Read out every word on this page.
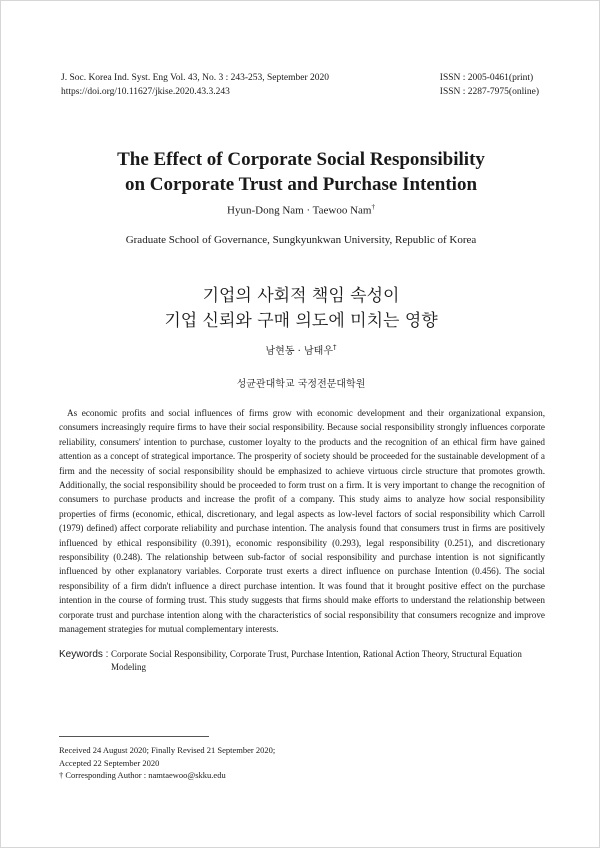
J. Soc. Korea Ind. Syst. Eng Vol. 43, No. 3 : 243-253, September 2020
https://doi.org/10.11627/jkise.2020.43.3.243
ISSN : 2005-0461(print)
ISSN : 2287-7975(online)
The Effect of Corporate Social Responsibility
on Corporate Trust and Purchase Intention
Hyun-Dong Nam · Taewoo Nam†
Graduate School of Governance, Sungkyunkwan University, Republic of Korea
기업의 사회적 책임 속성이
기업 신뢰와 구매 의도에 미치는 영향
남현동 · 남태우†
성균관대학교 국정전문대학원
As economic profits and social influences of firms grow with economic development and their organizational expansion, consumers increasingly require firms to have their social responsibility. Because social responsibility strongly influences corporate reliability, consumers' intention to purchase, customer loyalty to the products and the recognition of an ethical firm have gained attention as a concept of strategical importance. The prosperity of society should be proceeded for the sustainable development of a firm and the necessity of social responsibility should be emphasized to achieve virtuous circle structure that promotes growth. Additionally, the social responsibility should be proceeded to form trust on a firm. It is very important to change the recognition of consumers to purchase products and increase the profit of a company. This study aims to analyze how social responsibility properties of firms (economic, ethical, discretionary, and legal aspects as low-level factors of social responsibility which Carroll (1979) defined) affect corporate reliability and purchase intention. The analysis found that consumers trust in firms are positively influenced by ethical responsibility (0.391), economic responsibility (0.293), legal responsibility (0.251), and discretionary responsibility (0.248). The relationship between sub-factor of social responsibility and purchase intention is not significantly influenced by other explanatory variables. Corporate trust exerts a direct influence on purchase Intention (0.456). The social responsibility of a firm didn't influence a direct purchase intention. It was found that it brought positive effect on the purchase intention in the course of forming trust. This study suggests that firms should make efforts to understand the relationship between corporate trust and purchase intention along with the characteristics of social responsibility that consumers recognize and improve management strategies for mutual complementary interests.
Keywords : Corporate Social Responsibility, Corporate Trust, Purchase Intention, Rational Action Theory, Structural Equation Modeling
Received 24 August 2020; Finally Revised 21 September 2020;
Accepted 22 September 2020
† Corresponding Author : namtaewoo@skku.edu
